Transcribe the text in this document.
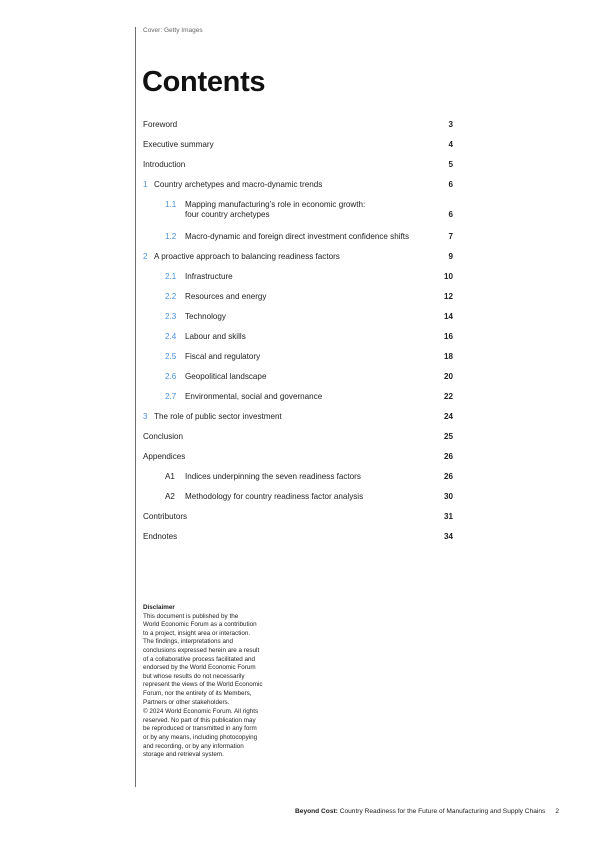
Cover: Getty Images
Contents
Foreword	3
Executive summary	4
Introduction	5
1 Country archetypes and macro-dynamic trends	6
1.1 Mapping manufacturing’s role in economic growth:
four country archetypes	6
1.2 Macro-dynamic and foreign direct investment confidence shifts	7
2 A proactive approach to balancing readiness factors	9
2.1 Infrastructure	10
2.2 Resources and energy	12
2.3 Technology	14
2.4 Labour and skills	16
2.5 Fiscal and regulatory	18
2.6 Geopolitical landscape	20
2.7 Environmental, social and governance	22
3 The role of public sector investment	24
Conclusion	25
Appendices	26
A1 Indices underpinning the seven readiness factors	26
A2 Methodology for country readiness factor analysis	30
Contributors	31
Endnotes	34
Disclaimer

This document is published by the
World Economic Forum as a contribution
to a project, insight area or interaction.
The findings, interpretations and
conclusions expressed herein are a result
of a collaborative process facilitated and
endorsed by the World Economic Forum
but whose results do not necessarily
represent the views of the World Economic
Forum, nor the entirety of its Members,
Partners or other stakeholders.

© 2024 World Economic Forum. All rights
reserved. No part of this publication may
be reproduced or transmitted in any form
or by any means, including photocopying
and recording, or by any information
storage and retrieval system.

Beyond Cost: Country Readiness for the Future of Manufacturing and Supply Chains 2
